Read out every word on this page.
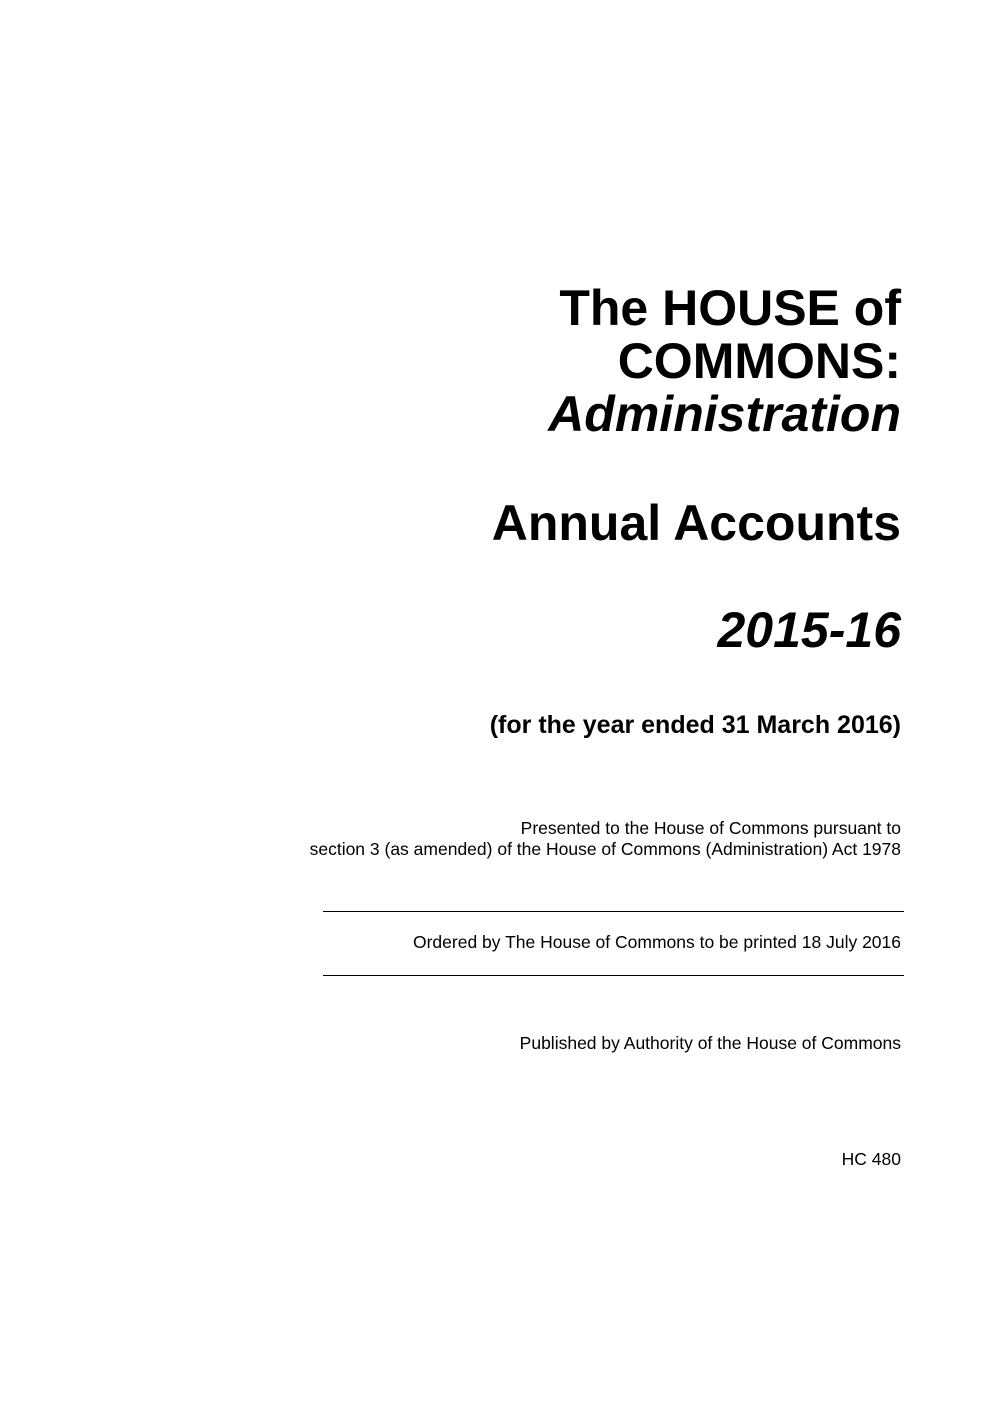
The HOUSE of
COMMONS:
Administration
Annual Accounts
2015-16
(for the year ended 31 March 2016)
Presented to the House of Commons pursuant to
section 3 (as amended) of the House of Commons (Administration) Act 1978
Ordered by The House of Commons to be printed 18 July 2016
Published by Authority of the House of Commons
HC 480
